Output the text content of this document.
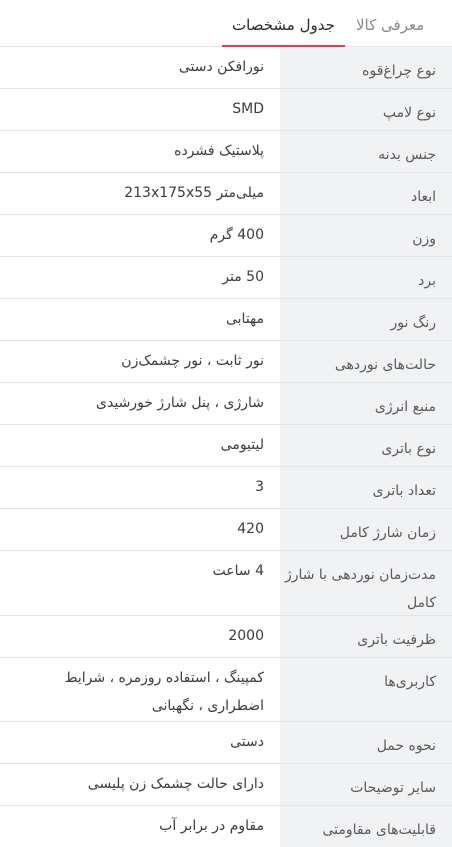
معرفی کالا
جدول مشخصات
نوع چراغ‌قوه
نورافکن دستی
نوع لامپ
SMD
جنس بدنه
پلاستیک فشرده
ابعاد
میلی‌متر 213x175x55
وزن
400 گرم
برد
50 متر
رنگ نور
مهتابی
حالت‌های نوردهی
نور ثابت ، نور چشمک‌زن
منبع انرژی
شارژی ، پنل شارژ خورشیدی
نوع باتری
لیتیومی
تعداد باتری
3
زمان شارژ کامل
420
مدت‌زمان نوردهی با شارژ کامل
4 ساعت
ظرفیت باتری
2000
کاربری‌ها
کمپینگ ، استفاده روزمره ، شرایط اضطراری ، نگهبانی
نحوه حمل
دستی
سایر توضیحات
دارای حالت چشمک زن پلیسی
قابلیت‌های مقاومتی
مقاوم در برابر آب
